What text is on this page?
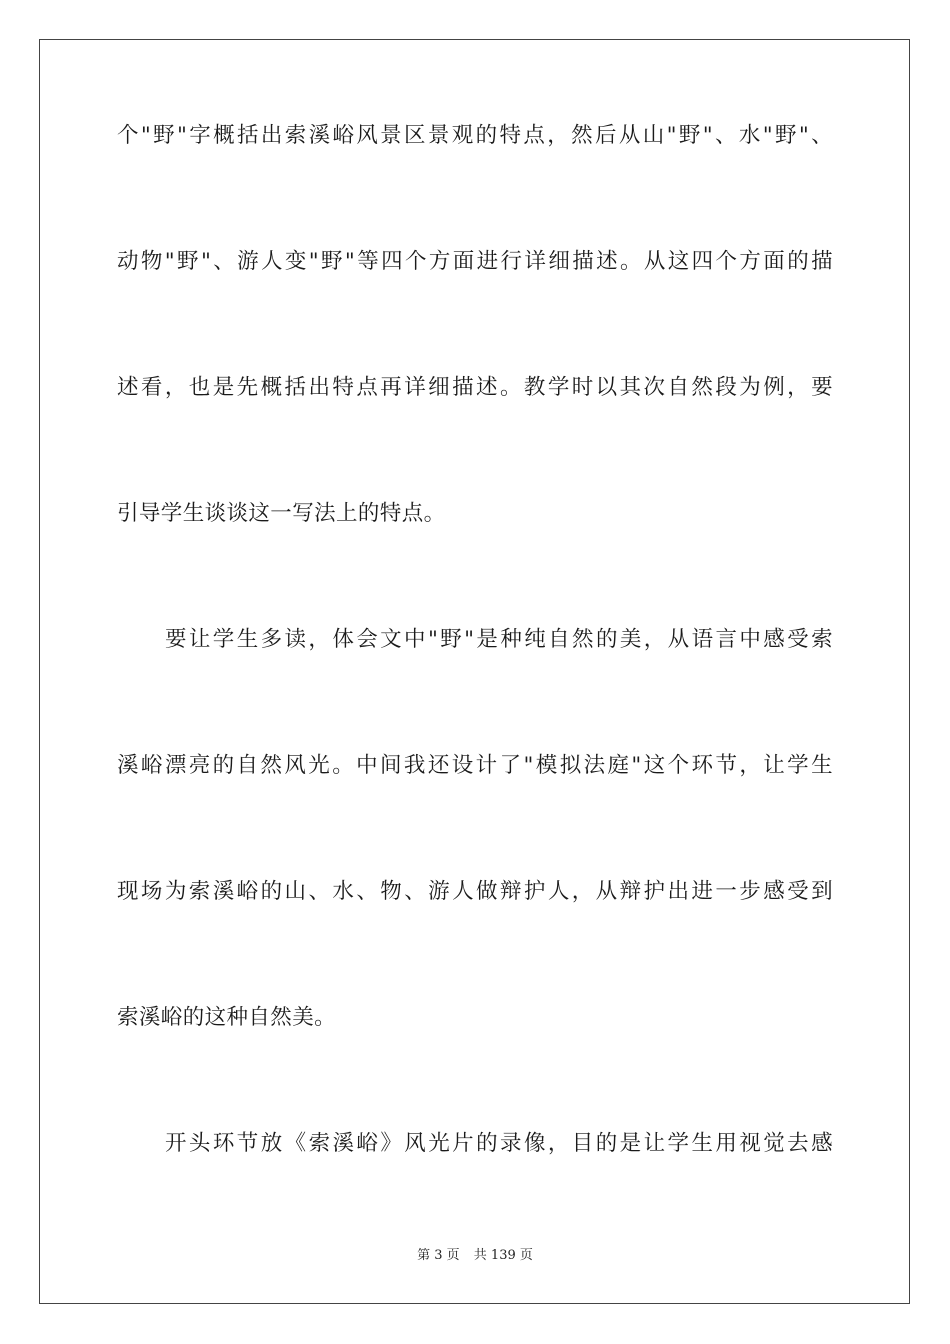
个"野"字概括出索溪峪风景区景观的特点，然后从山"野"、水"野"、
动物"野"、游人变"野"等四个方面进行详细描述。从这四个方面的描
述看，也是先概括出特点再详细描述。教学时以其次自然段为例，要
引导学生谈谈这一写法上的特点。
要让学生多读，体会文中"野"是种纯自然的美，从语言中感受索
溪峪漂亮的自然风光。中间我还设计了"模拟法庭"这个环节，让学生
现场为索溪峪的山、水、物、游人做辩护人，从辩护出进一步感受到
索溪峪的这种自然美。
开头环节放《索溪峪》风光片的录像，目的是让学生用视觉去感
第 3 页 共 139 页
